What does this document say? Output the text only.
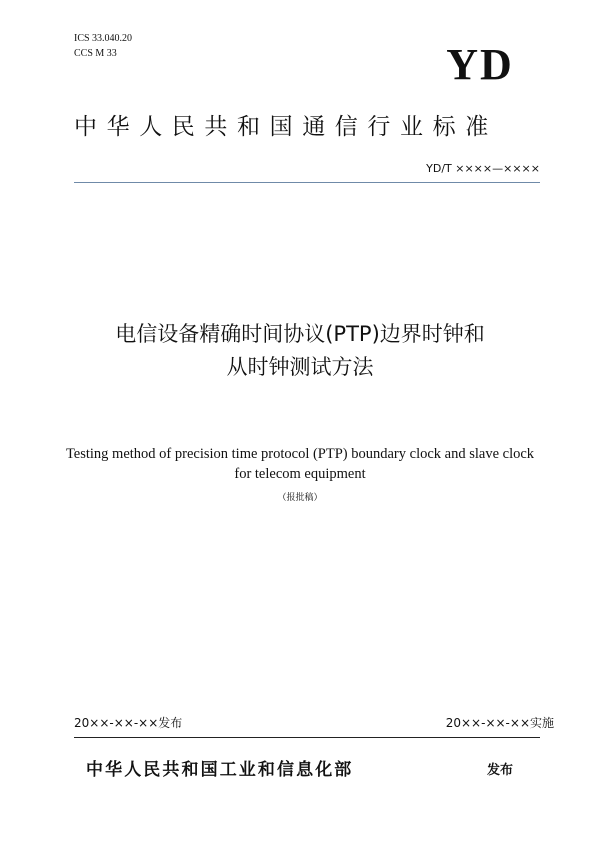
ICS 33.040.20
CCS M 33	YD
中华人民共和国通信行业标准
YD/T ××××—××××
电信设备精确时间协议(PTP)边界时钟和
从时钟测试方法
Testing method of precision time protocol (PTP) boundary clock and slave clock
for telecom equipment
（报批稿）
20××-××-××发布	20××-××-××实施
中华人民共和国工业和信息化部	发布
